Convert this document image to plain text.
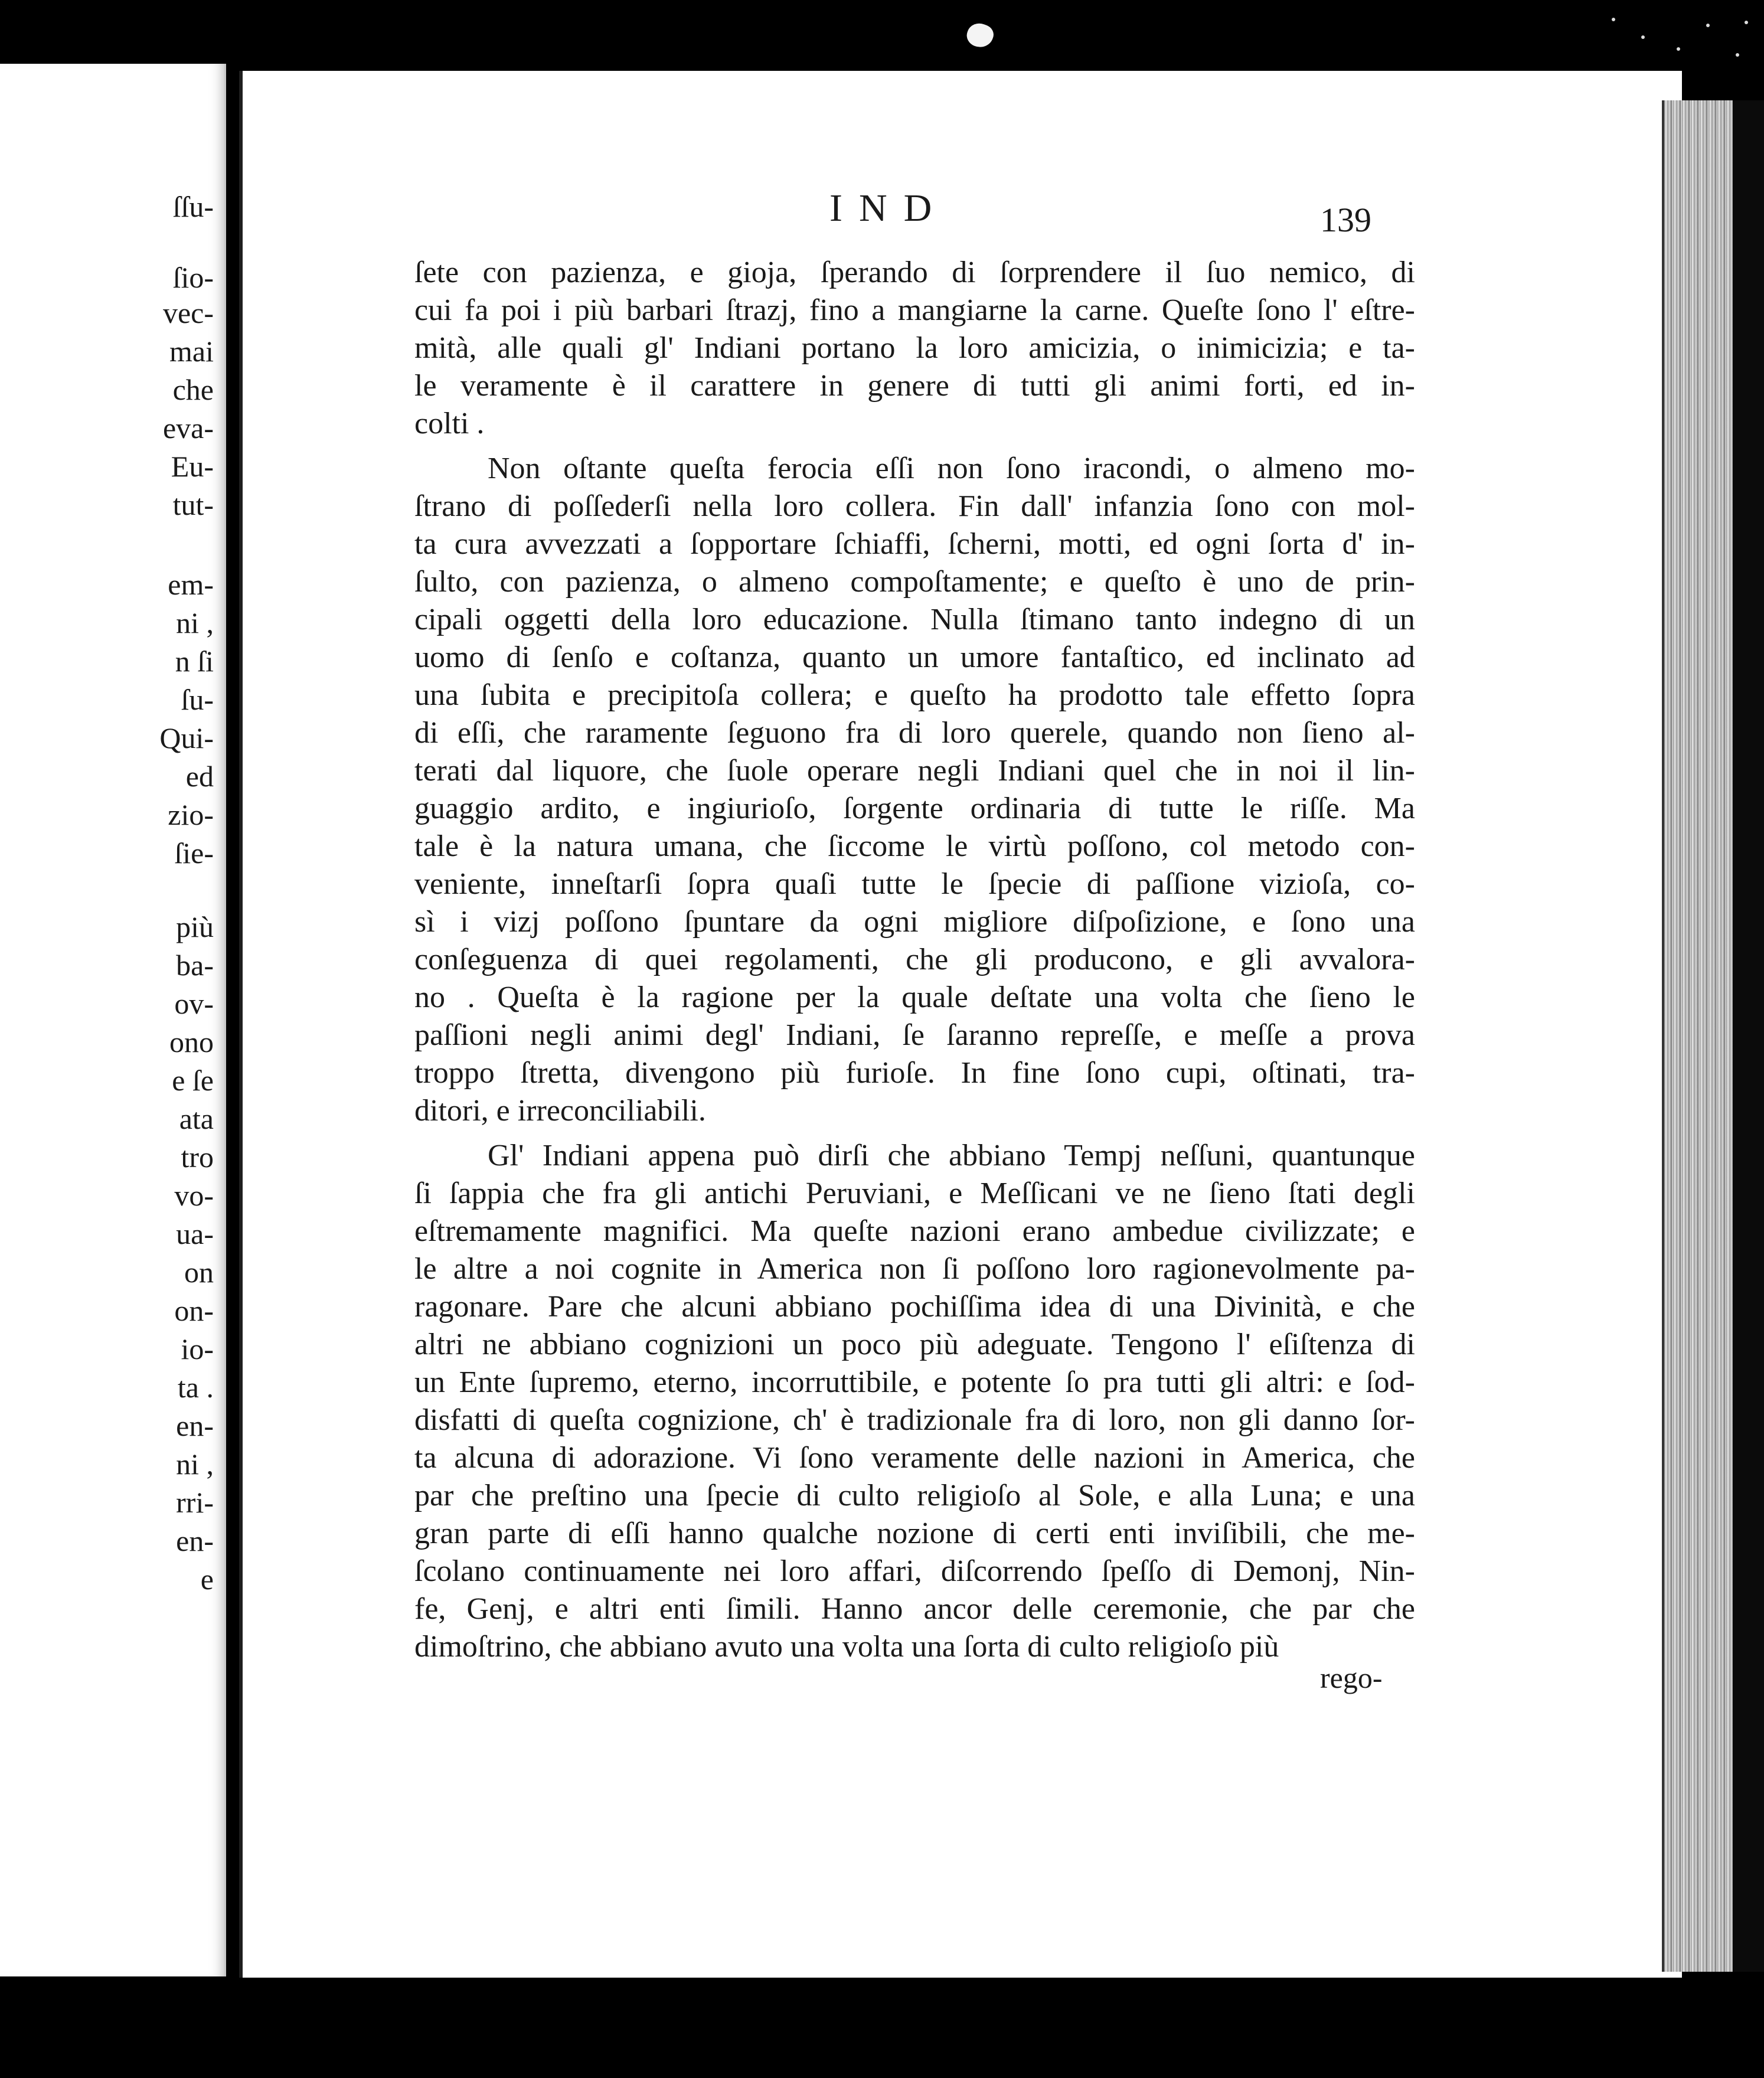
ſſu-
ſio-
vec-
mai
che
eva-
Eu-
tut-
em-
ni ,
n ſi
ſu-
Qui-
ed
zio-
ſie-
più
ba-
ov-
ono
e ſe
ata
tro
vo-
ua-
on
on-
io-
ta .
en-
ni ,
rri-
en-
e
IND	139
ſete con pazienza, e gioja, ſperando di ſorprendere il ſuo nemico, di
cui fa poi i più barbari ſtrazj, fino a mangiarne la carne. Queſte ſono l' eſtre-
mità, alle quali gl' Indiani portano la loro amicizia, o inimicizia; e ta-
le veramente è il carattere in genere di tutti gli animi forti, ed in-
colti .
Non oſtante queſta ferocia eſſi non ſono iracondi, o almeno mo-
ſtrano di poſſederſi nella loro collera. Fin dall' infanzia ſono con mol-
ta cura avvezzati a ſopportare ſchiaffi, ſcherni, motti, ed ogni ſorta d' in-
ſulto, con pazienza, o almeno compoſtamente; e queſto è uno de prin-
cipali oggetti della loro educazione. Nulla ſtimano tanto indegno di un
uomo di ſenſo e coſtanza, quanto un umore fantaſtico, ed inclinato ad
una ſubita e precipitoſa collera; e queſto ha prodotto tale effetto ſopra
di eſſi, che raramente ſeguono fra di loro querele, quando non ſieno al-
terati dal liquore, che ſuole operare negli Indiani quel che in noi il lin-
guaggio ardito, e ingiurioſo, ſorgente ordinaria di tutte le riſſe. Ma
tale è la natura umana, che ſiccome le virtù poſſono, col metodo con-
veniente, inneſtarſi ſopra quaſi tutte le ſpecie di paſſione vizioſa, co-
sì i vizj poſſono ſpuntare da ogni migliore diſpoſizione, e ſono una
conſeguenza di quei regolamenti, che gli producono, e gli avvalora-
no . Queſta è la ragione per la quale deſtate una volta che ſieno le
paſſioni negli animi degl' Indiani, ſe ſaranno repreſſe, e meſſe a prova
troppo ſtretta, divengono più furioſe. In fine ſono cupi, oſtinati, tra-
ditori, e irreconciliabili.
Gl' Indiani appena può dirſi che abbiano Tempj neſſuni, quantunque
ſi ſappia che fra gli antichi Peruviani, e Meſſicani ve ne ſieno ſtati degli
eſtremamente magnifici. Ma queſte nazioni erano ambedue civilizzate; e
le altre a noi cognite in America non ſi poſſono loro ragionevolmente pa-
ragonare. Pare che alcuni abbiano pochiſſima idea di una Divinità, e che
altri ne abbiano cognizioni un poco più adeguate. Tengono l' eſiſtenza di
un Ente ſupremo, eterno, incorruttibile, e potente ſo pra tutti gli altri: e ſod-
disfatti di queſta cognizione, ch' è tradizionale fra di loro, non gli danno ſor-
ta alcuna di adorazione. Vi ſono veramente delle nazioni in America, che
par che preſtino una ſpecie di culto religioſo al Sole, e alla Luna; e una
gran parte di eſſi hanno qualche nozione di certi enti inviſibili, che me-
ſcolano continuamente nei loro affari, diſcorrendo ſpeſſo di Demonj, Nin-
fe, Genj, e altri enti ſimili. Hanno ancor delle ceremonie, che par che
dimoſtrino, che abbiano avuto una volta una ſorta di culto religioſo più
rego-
